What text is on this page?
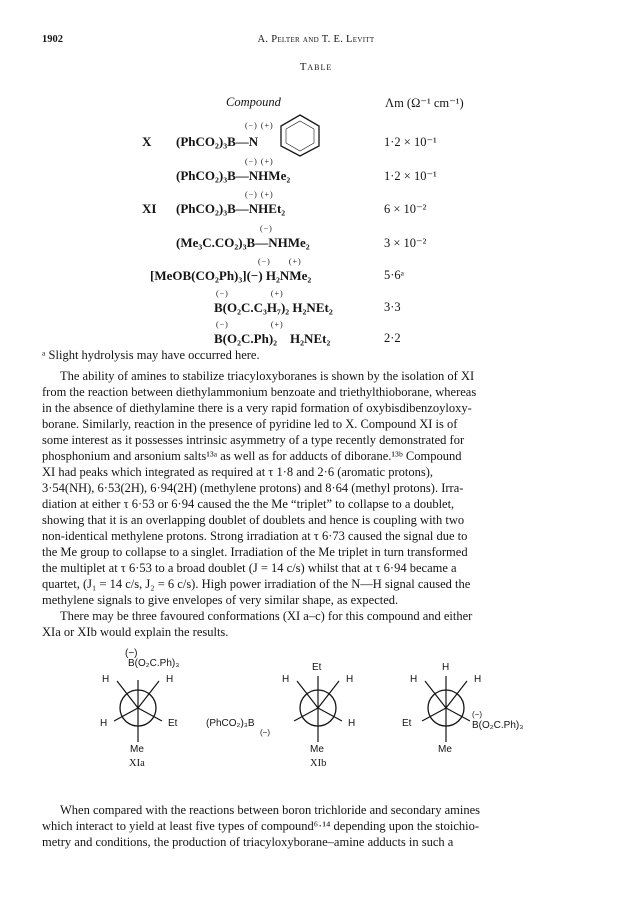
1902	A. Pelter and T. E. Levitt
Table
Compound	Λm (Ω⁻¹ cm⁻¹)
X
(−) (+)
(PhCO₂)₃B—N	1·2 × 10⁻¹
(−) (+)
(PhCO₂)₃B—NHMe₂	1·2 × 10⁻¹
XI
(−) (+)
(PhCO₂)₃B—NHEt₂	6 × 10⁻²
(−)
(Me₃C.CO₂)₃B—NHMe₂	3 × 10⁻²
(−)      (+)
[MeOB(CO₂Ph)₃](−) H₂NMe₂	5·6ᵃ
(−)              (+)
B(O₂C.C₃H₇)₂ H₂NEt₂	3·3
(−)              (+)
B(O₂C.Ph)₂    H₂NEt₂	2·2
ᵃ Slight hydrolysis may have occurred here.
The ability of amines to stabilize triacyloxyboranes is shown by the isolation of XI
from the reaction between diethylammonium benzoate and triethylthioborane, whereas
in the absence of diethylamine there is a very rapid formation of oxybisdibenzoyloxy-
borane. Similarly, reaction in the presence of pyridine led to X. Compound XI is of
some interest as it possesses intrinsic asymmetry of a type recently demonstrated for
phosphonium and arsonium salts¹³ᵃ as well as for adducts of diborane.¹³ᵇ Compound
XI had peaks which integrated as required at τ 1·8 and 2·6 (aromatic protons),
3·54(NH), 6·53(2H), 6·94(2H) (methylene protons) and 8·64 (methyl protons). Irra-
diation at either τ 6·53 or 6·94 caused the the Me “triplet” to collapse to a doublet,
showing that it is an overlapping doublet of doublets and hence is coupling with two
non-identical methylene protons. Strong irradiation at τ 6·73 caused the signal due to
the Me group to collapse to a singlet. Irradiation of the Me triplet in turn transformed
the multiplet at τ 6·53 to a broad doublet (J = 14 c/s) whilst that at τ 6·94 became a
quartet, (J₁ = 14 c/s, J₂ = 6 c/s). High power irradiation of the N—H signal caused the
methylene signals to give envelopes of very similar shape, as expected.
There may be three favoured conformations (XI a–c) for this compound and either
XIa or XIb would explain the results.
(−)
B(O₂C.Ph)₃
H	H
H	Et
Me
XIa
Et
H	H
(PhCO₂)₃B
(−)
H
Me
XIb
H
H	H
Et
(−)
B(O₂C.Ph)₃
Me
When compared with the reactions between boron trichloride and secondary amines
which interact to yield at least five types of compound⁶·¹⁴ depending upon the stoichio-
metry and conditions, the production of triacyloxyborane–amine adducts in such a
